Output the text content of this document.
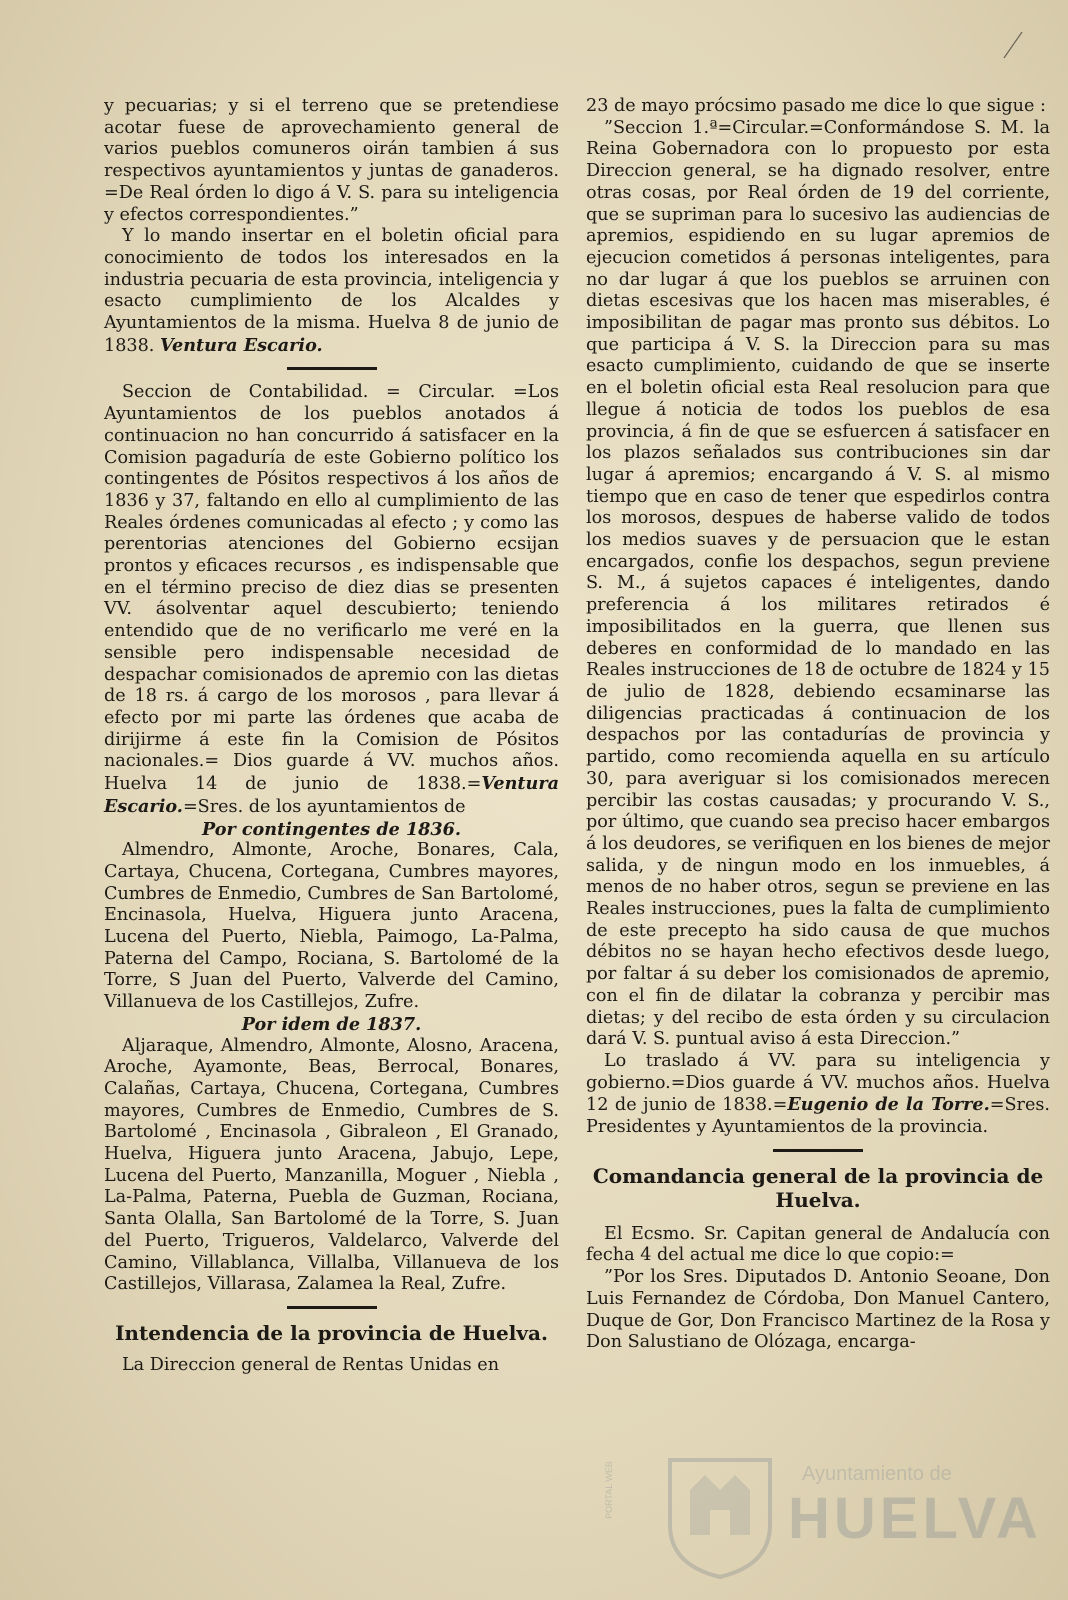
y pecuarias; y si el terreno que se pretendiese acotar fuese de aprovechamiento general de varios pueblos comuneros oirán tambien á sus respectivos ayuntamientos y juntas de ganaderos. =De Real órden lo digo á V. S. para su inteligencia y efectos correspondientes.”

Y lo mando insertar en el boletin oficial para conocimiento de todos los interesados en la industria pecuaria de esta provincia, inteligencia y esacto cumplimiento de los Alcaldes y Ayuntamientos de la misma. Huelva 8 de junio de 1838. Ventura Escario.

Seccion de Contabilidad. = Circular. =Los Ayuntamientos de los pueblos anotados á continuacion no han concurrido á satisfacer en la Comision pagaduría de este Gobierno político los contingentes de Pósitos respectivos á los años de 1836 y 37, faltando en ello al cumplimiento de las Reales órdenes comunicadas al efecto ; y como las perentorias atenciones del Gobierno ecsijan prontos y eficaces recursos , es indispensable que en el término preciso de diez dias se presenten VV. ásolventar aquel descubierto; teniendo entendido que de no verificarlo me veré en la sensible pero indispensable necesidad de despachar comisionados de apremio con las dietas de 18 rs. á cargo de los morosos , para llevar á efecto por mi parte las órdenes que acaba de dirijirme á este fin la Comision de Pósitos nacionales.= Dios guarde á VV. muchos años. Huelva 14 de junio de 1838.=Ventura Escario.=Sres. de los ayuntamientos de

Por contingentes de 1836.

Almendro, Almonte, Aroche, Bonares, Cala, Cartaya, Chucena, Cortegana, Cumbres mayores, Cumbres de Enmedio, Cumbres de San Bartolomé, Encinasola, Huelva, Higuera junto Aracena, Lucena del Puerto, Niebla, Paimogo, La-Palma, Paterna del Campo, Rociana, S. Bartolomé de la Torre, S Juan del Puerto, Valverde del Camino, Villanueva de los Castillejos, Zufre.

Por idem de 1837.

Aljaraque, Almendro, Almonte, Alosno, Aracena, Aroche, Ayamonte, Beas, Berrocal, Bonares, Calañas, Cartaya, Chucena, Cortegana, Cumbres mayores, Cumbres de Enmedio, Cumbres de S. Bartolomé , Encinasola , Gibraleon , El Granado, Huelva, Higuera junto Aracena, Jabujo, Lepe, Lucena del Puerto, Manzanilla, Moguer , Niebla , La-Palma, Paterna, Puebla de Guzman, Rociana, Santa Olalla, San Bartolomé de la Torre, S. Juan del Puerto, Trigueros, Valdelarco, Valverde del Camino, Villablanca, Villalba, Villanueva de los Castillejos, Villarasa, Zalamea la Real, Zufre.

Intendencia de la provincia de Huelva.

La Direccion general de Rentas Unidas en

23 de mayo prócsimo pasado me dice lo que sigue :

”Seccion 1.ª=Circular.=Conformándose S. M. la Reina Gobernadora con lo propuesto por esta Direccion general, se ha dignado resolver, entre otras cosas, por Real órden de 19 del corriente, que se supriman para lo sucesivo las audiencias de apremios, espidiendo en su lugar apremios de ejecucion cometidos á personas inteligentes, para no dar lugar á que los pueblos se arruinen con dietas escesivas que los hacen mas miserables, é imposibilitan de pagar mas pronto sus débitos. Lo que participa á V. S. la Direccion para su mas esacto cumplimiento, cuidando de que se inserte en el boletin oficial esta Real resolucion para que llegue á noticia de todos los pueblos de esa provincia, á fin de que se esfuercen á satisfacer en los plazos señalados sus contribuciones sin dar lugar á apremios; encargando á V. S. al mismo tiempo que en caso de tener que espedirlos contra los morosos, despues de haberse valido de todos los medios suaves y de persuacion que le estan encargados, confie los despachos, segun previene S. M., á sujetos capaces é inteligentes, dando preferencia á los militares retirados é imposibilitados en la guerra, que llenen sus deberes en conformidad de lo mandado en las Reales instrucciones de 18 de octubre de 1824 y 15 de julio de 1828, debiendo ecsaminarse las diligencias practicadas á continuacion de los despachos por las contadurías de provincia y partido, como recomienda aquella en su artículo 30, para averiguar si los comisionados merecen percibir las costas causadas; y procurando V. S., por último, que cuando sea preciso hacer embargos á los deudores, se verifiquen en los bienes de mejor salida, y de ningun modo en los inmuebles, á menos de no haber otros, segun se previene en las Reales instrucciones, pues la falta de cumplimiento de este precepto ha sido causa de que muchos débitos no se hayan hecho efectivos desde luego, por faltar á su deber los comisionados de apremio, con el fin de dilatar la cobranza y percibir mas dietas; y del recibo de esta órden y su circulacion dará V. S. puntual aviso á esta Direccion.”

Lo traslado á VV. para su inteligencia y gobierno.=Dios guarde á VV. muchos años. Huelva 12 de junio de 1838.=Eugenio de la Torre.=Sres. Presidentes y Ayuntamientos de la provincia.

Comandancia general de la provincia de Huelva.

El Ecsmo. Sr. Capitan general de Andalucía con fecha 4 del actual me dice lo que copio:=

”Por los Sres. Diputados D. Antonio Seoane, Don Luis Fernandez de Córdoba, Don Manuel Cantero, Duque de Gor, Don Francisco Martinez de la Rosa y Don Salustiano de Olózaga, encarga-

PORTAL WEB	Ayuntamiento de
HUELVA
